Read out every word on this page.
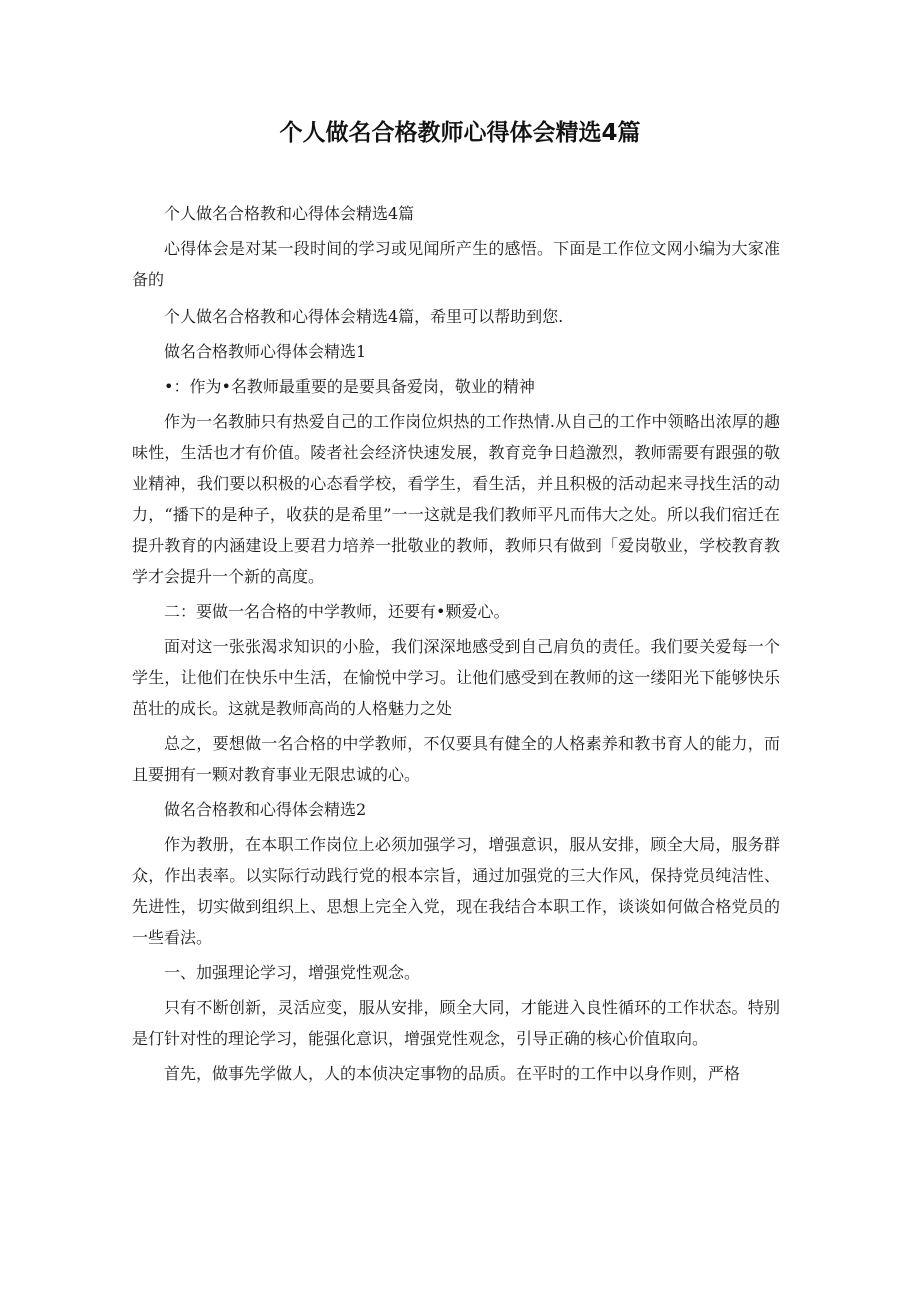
个人做名合格教师心得体会精选4篇

个人做名合格教和心得体会精选4篇

心得体会是对某一段时间的学习或见闻所产生的感悟。下面是工作位文网小编为大家准备的

个人做名合格教和心得体会精选4篇，希里可以帮助到您.

做名合格教师心得体会精选1

•：作为•名教师最重要的是要具备爱岗，敬业的精神

作为一名教肺只有热爱自己的工作岗位炽热的工作热情.从自己的工作中领略出浓厚的趣味性，生活也才有价值。陵者社会经济快速发展，教育竞争日趋激烈，教师需要有跟强的敬业精神，我们要以积极的心态看学校，看学生，看生活，并且积极的活动起来寻找生活的动力，“播下的是种子，收获的是希里”一一这就是我们教师平凡而伟大之处。所以我们宿迁在提升教育的内涵建设上要君力培养一批敬业的教师，教师只有做到「爱岗敬业，学校教育教学才会提升一个新的高度。

二：要做一名合格的中学教师，还要有•颗爱心。

面对这一张张渴求知识的小脸，我们深深地感受到自己肩负的责任。我们要关爱每一个学生，让他们在快乐中生活，在愉悦中学习。让他们感受到在教师的这一缕阳光下能够快乐茁壮的成长。这就是教师高尚的人格魅力之处

总之，要想做一名合格的中学教师，不仅要具有健全的人格素养和教书育人的能力，而且要拥有一颗对教育事业无限忠诚的心。

做名合格教和心得体会精选2

作为教册，在本职工作岗位上必须加强学习，增强意识，服从安排，顾全大局，服务群众，作出表率。以实际行动践行党的根本宗旨，通过加强党的三大作风，保持党员纯洁性、先进性，切实做到组织上、思想上完全入党，现在我结合本职工作，谈谈如何做合格党员的一些看法。

一、加强理论学习，增强党性观念。

只有不断创新，灵活应变，服从安排，顾全大同，才能进入良性循环的工作状态。特别是仃针对性的理论学习，能强化意识，增强党性观念，引导正确的核心价值取向。

首先，做事先学做人，人的本侦决定事物的品质。在平时的工作中以身作则，严格
